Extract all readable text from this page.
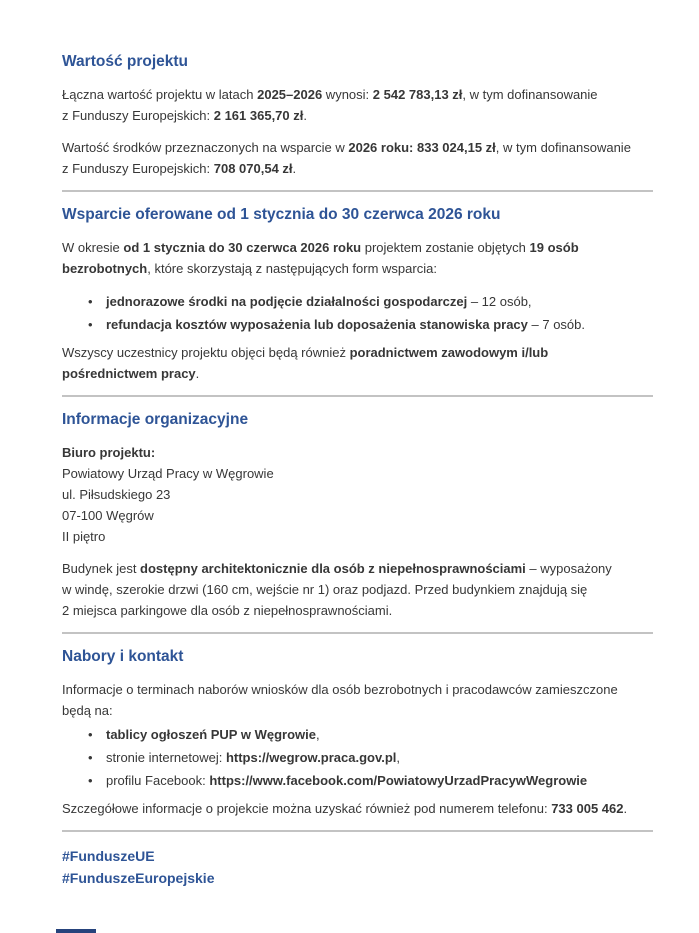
Wartość projektu

Łączna wartość projektu w latach 2025–2026 wynosi: 2 542 783,13 zł, w tym dofinansowanie
z Funduszy Europejskich: 2 161 365,70 zł.

Wartość środków przeznaczonych na wsparcie w 2026 roku: 833 024,15 zł, w tym dofinansowanie
z Funduszy Europejskich: 708 070,54 zł.

Wsparcie oferowane od 1 stycznia do 30 czerwca 2026 roku

W okresie od 1 stycznia do 30 czerwca 2026 roku projektem zostanie objętych 19 osób
bezrobotnych, które skorzystają z następujących form wsparcia:

• jednorazowe środki na podjęcie działalności gospodarczej – 12 osób,
• refundacja kosztów wyposażenia lub doposażenia stanowiska pracy – 7 osób.

Wszyscy uczestnicy projektu objęci będą również poradnictwem zawodowym i/lub
pośrednictwem pracy.

Informacje organizacyjne

Biuro projektu:
Powiatowy Urząd Pracy w Węgrowie
ul. Piłsudskiego 23
07-100 Węgrów
II piętro

Budynek jest dostępny architektonicznie dla osób z niepełnosprawnościami – wyposażony
w windę, szerokie drzwi (160 cm, wejście nr 1) oraz podjazd. Przed budynkiem znajdują się
2 miejsca parkingowe dla osób z niepełnosprawnościami.

Nabory i kontakt

Informacje o terminach naborów wniosków dla osób bezrobotnych i pracodawców zamieszczone
będą na:

• tablicy ogłoszeń PUP w Węgrowie,
• stronie internetowej: https://wegrow.praca.gov.pl,
• profilu Facebook: https://www.facebook.com/PowiatowyUrzadPracywWegrowie

Szczegółowe informacje o projekcie można uzyskać również pod numerem telefonu: 733 005 462.

#FunduszeUE
#FunduszeEuropejskie
